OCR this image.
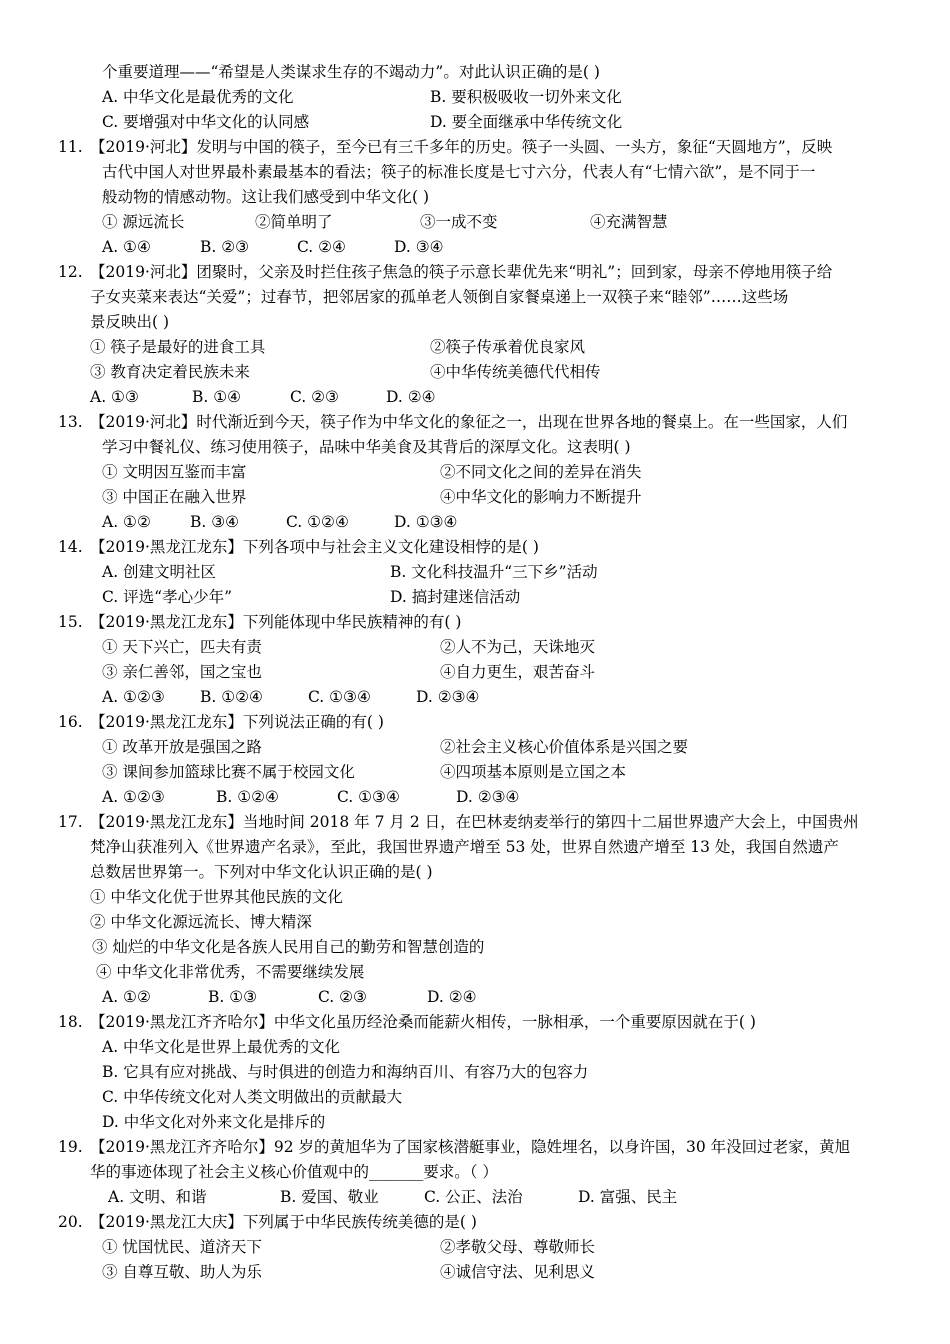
个重要道理——“希望是人类谋求生存的不竭动力”。对此认识正确的是( )
A. 中华文化是最优秀的文化	B. 要积极吸收一切外来文化
C. 要增强对中华文化的认同感	D. 要全面继承中华传统文化
11. 【2019·河北】发明与中国的筷子，至今已有三千多年的历史。筷子一头圆、一头方，象征“天圆地方”，反映
古代中国人对世界最朴素最基本的看法；筷子的标准长度是七寸六分，代表人有“七情六欲”，是不同于一
般动物的情感动物。这让我们感受到中华文化( )
① 源远流长	②简单明了	③一成不变	④充满智慧
A. ①④	B. ②③	C. ②④	D. ③④
12. 【2019·河北】团聚时，父亲及时拦住孩子焦急的筷子示意长辈优先来“明礼”；回到家，母亲不停地用筷子给
子女夹菜来表达“关爱”；过春节，把邻居家的孤单老人领倒自家餐桌递上一双筷子来“睦邻”……这些场
景反映出( )
① 筷子是最好的进食工具	②筷子传承着优良家风
③ 教育决定着民族未来	④中华传统美德代代相传
A. ①③	B. ①④	C. ②③	D. ②④
13. 【2019·河北】时代渐近到今天，筷子作为中华文化的象征之一，出现在世界各地的餐桌上。在一些国家，人们
学习中餐礼仪、练习使用筷子，品味中华美食及其背后的深厚文化。这表明( )
① 文明因互鉴而丰富	②不同文化之间的差异在消失
③ 中国正在融入世界	④中华文化的影响力不断提升
A. ①②	B. ③④	C. ①②④	D. ①③④
14. 【2019·黑龙江龙东】下列各项中与社会主义文化建设相悖的是( )
A. 创建文明社区	B. 文化科技温升“三下乡”活动
C. 评选“孝心少年”	D. 搞封建迷信活动
15. 【2019·黑龙江龙东】下列能体现中华民族精神的有( )
① 天下兴亡，匹夫有责	②人不为己，天诛地灭
③ 亲仁善邻，国之宝也	④自力更生，艰苦奋斗
A. ①②③ B. ①②④	C. ①③④	D. ②③④
16. 【2019·黑龙江龙东】下列说法正确的有( )
① 改革开放是强国之路	②社会主义核心价值体系是兴国之要
③ 课间参加篮球比赛不属于校园文化	④四项基本原则是立国之本
A. ①②③	B. ①②④	C. ①③④	D. ②③④
17. 【2019·黑龙江龙东】当地时间 2018 年 7 月 2 日，在巴林麦纳麦举行的第四十二届世界遗产大会上，中国贵州
梵净山获准列入《世界遗产名录》，至此，我国世界遗产增至 53 处，世界自然遗产增至 13 处，我国自然遗产
总数居世界第一。下列对中华文化认识正确的是( )
① 中华文化优于世界其他民族的文化
② 中华文化源远流长、博大精深
③ 灿烂的中华文化是各族人民用自己的勤劳和智慧创造的
④ 中华文化非常优秀，不需要继续发展
A. ①②	B. ①③	C. ②③	D. ②④
18. 【2019·黑龙江齐齐哈尔】中华文化虽历经沧桑而能薪火相传，一脉相承，一个重要原因就在于( )
A. 中华文化是世界上最优秀的文化
B. 它具有应对挑战、与时俱进的创造力和海纳百川、有容乃大的包容力
C. 中华传统文化对人类文明做出的贡献最大
D. 中华文化对外来文化是排斥的
19. 【2019·黑龙江齐齐哈尔】92 岁的黄旭华为了国家核潜艇事业，隐姓埋名，以身许国，30 年没回过老家，黄旭
华的事迹体现了社会主义核心价值观中的_______要求。（ ）
A. 文明、和谐	B. 爱国、敬业	C. 公正、法治	D. 富强、民主
20. 【2019·黑龙江大庆】下列属于中华民族传统美德的是( )
① 忧国忧民、道济天下	②孝敬父母、尊敬师长
③ 自尊互敬、助人为乐	④诚信守法、见利思义
